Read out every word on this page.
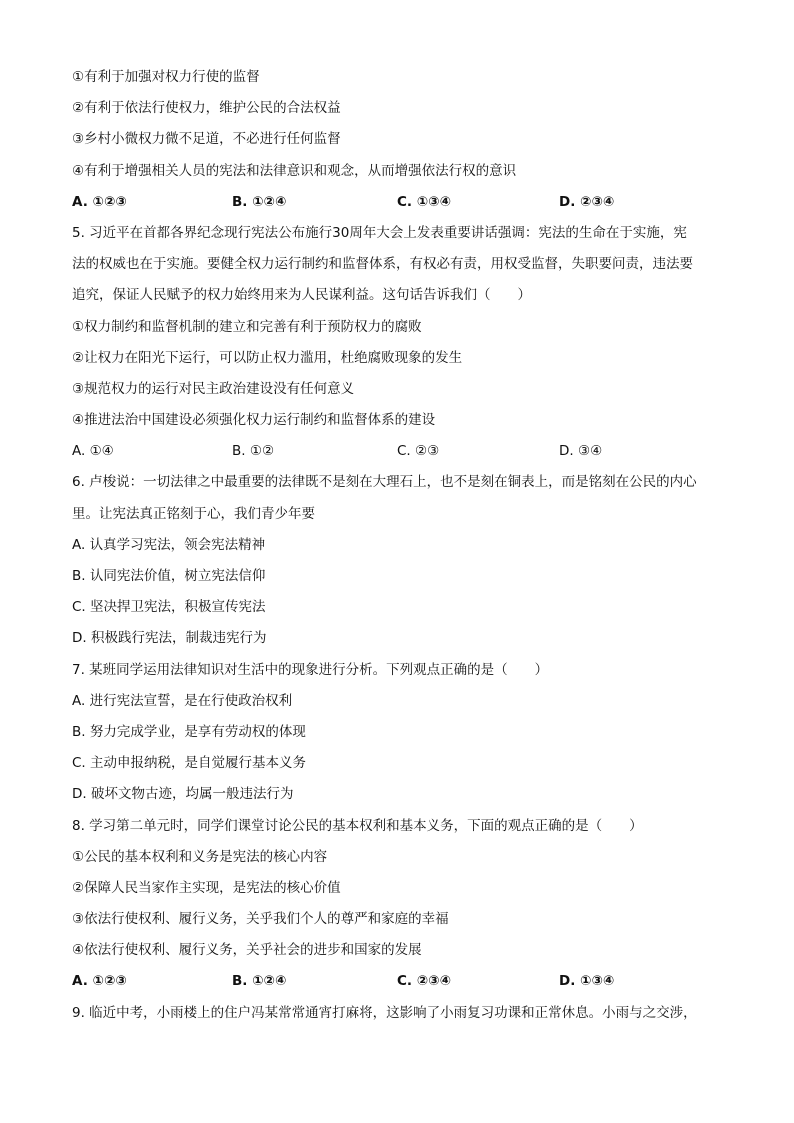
①有利于加强对权力行使的监督
②有利于依法行使权力，维护公民的合法权益
③乡村小微权力微不足道，不必进行任何监督
④有利于增强相关人员的宪法和法律意识和观念，从而增强依法行权的意识
A. ①②③	B. ①②④	C. ①③④	D. ②③④
5. 习近平在首都各界纪念现行宪法公布施行30周年大会上发表重要讲话强调：宪法的生命在于实施，宪
法的权威也在于实施。要健全权力运行制约和监督体系，有权必有责，用权受监督，失职要问责，违法要
追究，保证人民赋予的权力始终用来为人民谋利益。这句话告诉我们（　　）
①权力制约和监督机制的建立和完善有利于预防权力的腐败
②让权力在阳光下运行，可以防止权力滥用，杜绝腐败现象的发生
③规范权力的运行对民主政治建设没有任何意义
④推进法治中国建设必须强化权力运行制约和监督体系的建设
A. ①④	B. ①②	C. ②③	D. ③④
6. 卢梭说：一切法律之中最重要的法律既不是刻在大理石上，也不是刻在铜表上，而是铭刻在公民的内心
里。让宪法真正铭刻于心，我们青少年要
A. 认真学习宪法，领会宪法精神
B. 认同宪法价值，树立宪法信仰
C. 坚决捍卫宪法，积极宣传宪法
D. 积极践行宪法，制裁违宪行为
7. 某班同学运用法律知识对生活中的现象进行分析。下列观点正确的是（　　）
A. 进行宪法宣誓，是在行使政治权利
B. 努力完成学业，是享有劳动权的体现
C. 主动申报纳税，是自觉履行基本义务
D. 破坏文物古迹，均属一般违法行为
8. 学习第二单元时，同学们课堂讨论公民的基本权利和基本义务，下面的观点正确的是（　　）
①公民的基本权利和义务是宪法的核心内容
②保障人民当家作主实现，是宪法的核心价值
③依法行使权利、履行义务，关乎我们个人的尊严和家庭的幸福
④依法行使权利、履行义务，关乎社会的进步和国家的发展
A. ①②③	B. ①②④	C. ②③④	D. ①③④
9. 临近中考，小雨楼上的住户冯某常常通宵打麻将，这影响了小雨复习功课和正常休息。小雨与之交涉，
